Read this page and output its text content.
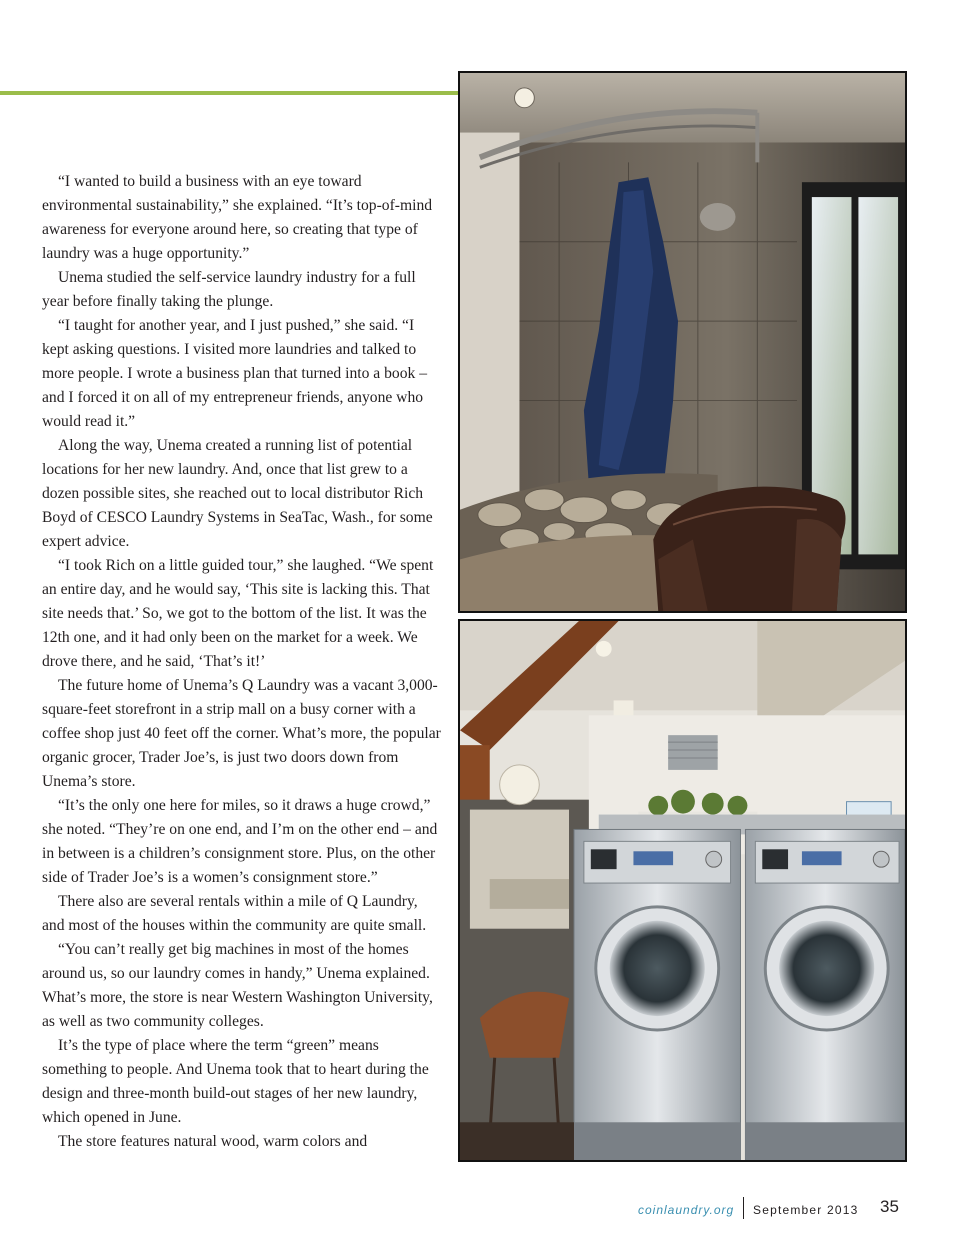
“I wanted to build a business with an eye toward environmental sustainability,” she explained. “It’s top-of-mind awareness for everyone around here, so creating that type of laundry was a huge opportunity.”

Unema studied the self-service laundry industry for a full year before finally taking the plunge.

“I taught for another year, and I just pushed,” she said. “I kept asking questions. I visited more laundries and talked to more people. I wrote a business plan that turned into a book – and I forced it on all of my entrepreneur friends, anyone who would read it.”

Along the way, Unema created a running list of potential locations for her new laundry. And, once that list grew to a dozen possible sites, she reached out to local distributor Rich Boyd of CESCO Laundry Systems in SeaTac, Wash., for some expert advice.

“I took Rich on a little guided tour,” she laughed. “We spent an entire day, and he would say, ‘This site is lacking this. That site needs that.’ So, we got to the bottom of the list. It was the 12th one, and it had only been on the market for a week. We drove there, and he said, ‘That’s it!’

The future home of Unema’s Q Laundry was a vacant 3,000-square-feet storefront in a strip mall on a busy corner with a coffee shop just 40 feet off the corner. What’s more, the popular organic grocer, Trader Joe’s, is just two doors down from Unema’s store.

“It’s the only one here for miles, so it draws a huge crowd,” she noted. “They’re on one end, and I’m on the other end – and in between is a children’s consignment store. Plus, on the other side of Trader Joe’s is a women’s consignment store.”

There also are several rentals within a mile of Q Laundry, and most of the houses within the community are quite small.

“You can’t really get big machines in most of the homes around us, so our laundry comes in handy,” Unema explained. What’s more, the store is near Western Washington University, as well as two community colleges.

It’s the type of place where the term “green” means something to people. And Unema took that to heart during the design and three-month build-out stages of her new laundry, which opened in June.

The store features natural wood, warm colors and

coinlaundry.org September 2013 35
